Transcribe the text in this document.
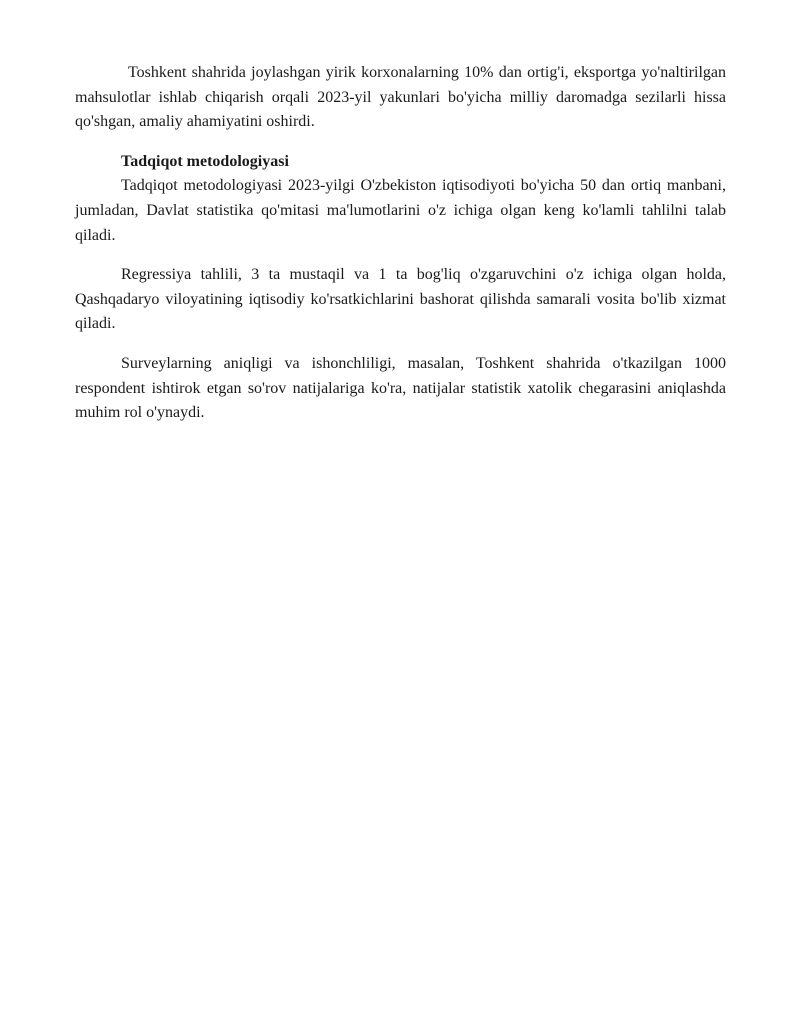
Toshkent shahrida joylashgan yirik korxonalarning 10% dan ortig'i, eksportga yo'naltirilgan mahsulotlar ishlab chiqarish orqali 2023-yil yakunlari bo'yicha milliy daromadga sezilarli hissa qo'shgan, amaliy ahamiyatini oshirdi.

Tadqiqot metodologiyasi

Tadqiqot metodologiyasi 2023-yilgi O'zbekiston iqtisodiyoti bo'yicha 50 dan ortiq manbani, jumladan, Davlat statistika qo'mitasi ma'lumotlarini o'z ichiga olgan keng ko'lamli tahlilni talab qiladi.

Regressiya tahlili, 3 ta mustaqil va 1 ta bog'liq o'zgaruvchini o'z ichiga olgan holda, Qashqadaryo viloyatining iqtisodiy ko'rsatkichlarini bashorat qilishda samarali vosita bo'lib xizmat qiladi.

Surveylarning aniqligi va ishonchliligi, masalan, Toshkent shahrida o'tkazilgan 1000 respondent ishtirok etgan so'rov natijalariga ko'ra, natijalar statistik xatolik chegarasini aniqlashda muhim rol o'ynaydi.
